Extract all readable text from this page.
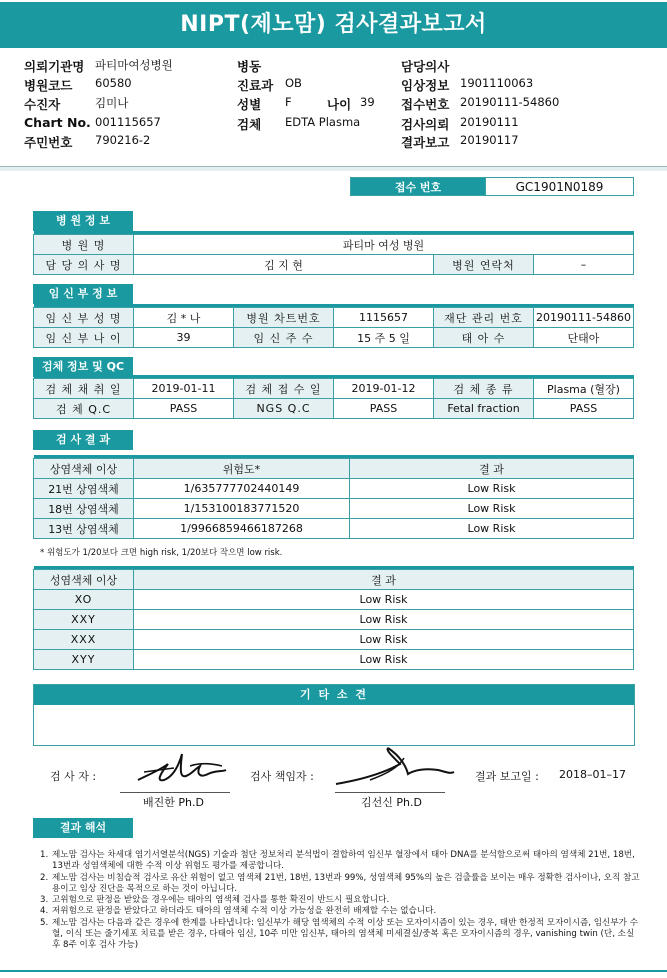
NIPT(제노맘) 검사결과보고서
의뢰기관명 파티마여성병원
병원코드 60580
수진자	김미나
Chart No. 001115657
주민번호 790216-2
병동
진료과 OB
성별 F	나이 39
검체 EDTA Plasma
담당의사
임상정보 1901110063
접수번호 20190111-54860
검사의뢰 20190111
결과보고 20190117
접수 번호	GC1901N0189
병 원 정 보

병 원 명	파티마 여성 병원		
담 당 의 사 명	김 지 현	병원 연락처	–
임 신 부 정 보

임 신 부 성 명	김 * 나	병원 차트번호	1115657	재단 관리 번호	20190111-54860
임 신 부 나 이	39	임 신 주 수	15 주 5 일	태 아 수	단태아
검체 정보 및 QC

검 체 채 취 일	2019-01-11	검 체 접 수 일	2019-01-12	검 체 종 류	Plasma (혈장)
검 체 Q.C	PASS	NGS Q.C	PASS	Fetal fraction	PASS
검 사 결 과

상염색체 이상	위험도*	결 과
21번 상염색체	1/635777702440149	Low Risk
18번 상염색체	1/153100183771520	Low Risk
13번 상염색체	1/9966859466187268	Low Risk
* 위험도가 1/20보다 크면 high risk, 1/20보다 작으면 low risk.

성염색체 이상	결 과
XO	Low Risk
XXY	Low Risk
XXX	Low Risk
XYY	Low Risk
기 타 소 견
검 사 자 :
배진한 Ph.D
검사 책임자 :
김선신 Ph.D
결과 보고일 : 2018–01–17
결과 해석
1. 제노맘 검사는 차세대 염기서열분석(NGS) 기술과 첨단 정보처리 분석법이 결합하여 임신부 혈장에서 태아 DNA를 분석함으로써 태아의 염색체 21번, 18번, 13번과 성염색체에 대한 수적 이상 위험도 평가를 제공합니다.
2. 제노맘 검사는 비침습적 검사로 유산 위험이 없고 염색체 21번, 18번, 13번과 99%, 성염색체 95%의 높은 검출률을 보이는 매우 정확한 검사이나, 오직 참고용이고 임상 진단을 목적으로 하는 것이 아닙니다.
3. 고위험으로 판정을 받았을 경우에는 태아의 염색체 검사를 통한 확진이 반드시 필요합니다.
4. 저위험으로 판정을 받았다고 하더라도 태아의 염색체 수적 이상 가능성을 완전히 배제할 수는 없습니다.
5. 제노맘 검사는 다음과 같은 경우에 한계를 나타냅니다: 임신부가 해당 염색체의 수적 이상 또는 모자이시즘이 있는 경우, 태반 한정적 모자이시즘, 임신부가 수혈, 이식 또는 줄기세포 치료를 받은 경우, 다태아 임신, 10주 미만 임신부, 태아의 염색체 미세결실/중복 혹은 모자이시즘의 경우, vanishing twin (단, 소실 후 8주 이후 검사 가능)
